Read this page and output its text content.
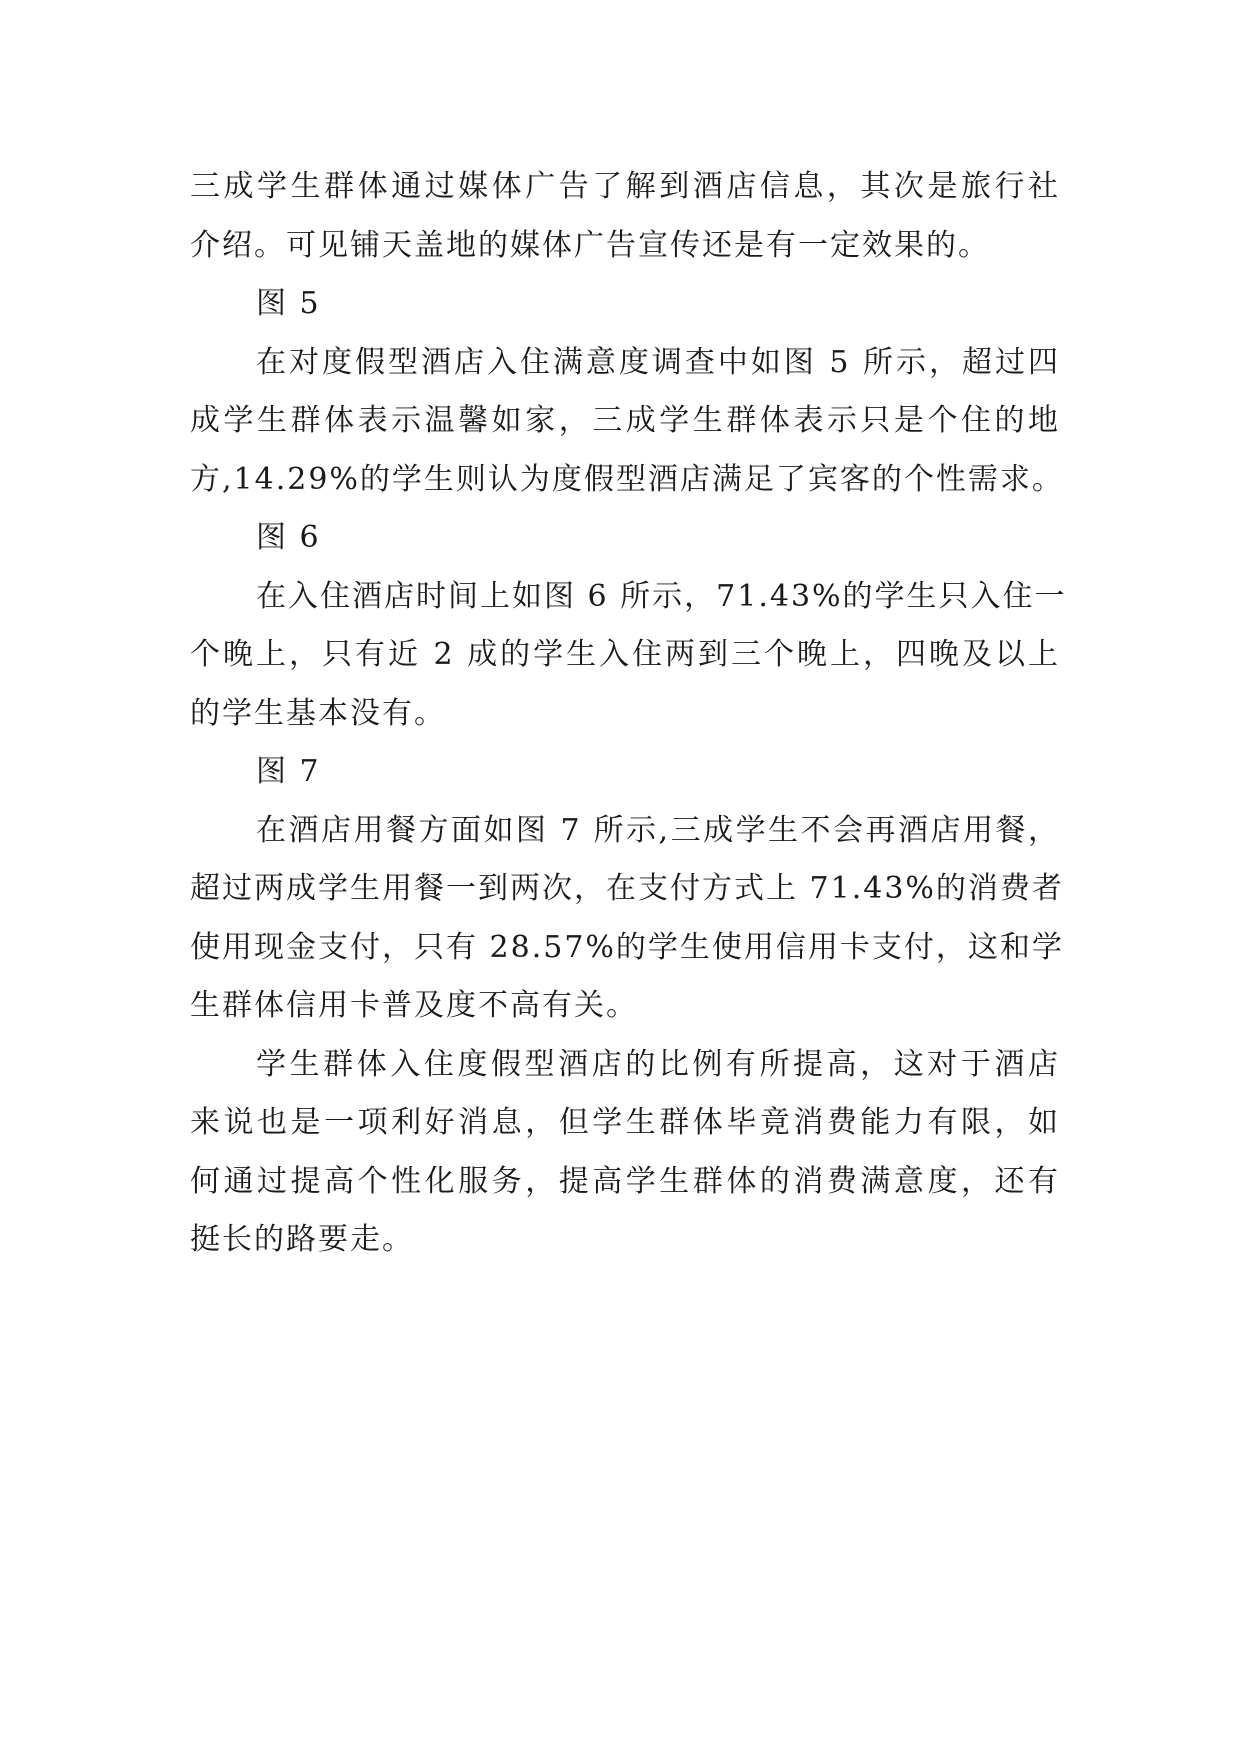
三成学生群体通过媒体广告了解到酒店信息，其次是旅行社
介绍。可见铺天盖地的媒体广告宣传还是有一定效果的。
图 5
在对度假型酒店入住满意度调查中如图 5 所示，超过四
成学生群体表示温馨如家，三成学生群体表示只是个住的地
方,14.29%的学生则认为度假型酒店满足了宾客的个性需求。
图 6
在入住酒店时间上如图 6 所示，71.43%的学生只入住一
个晚上，只有近 2 成的学生入住两到三个晚上，四晚及以上
的学生基本没有。
图 7
在酒店用餐方面如图 7 所示,三成学生不会再酒店用餐，
超过两成学生用餐一到两次，在支付方式上 71.43%的消费者
使用现金支付，只有 28.57%的学生使用信用卡支付，这和学
生群体信用卡普及度不高有关。
学生群体入住度假型酒店的比例有所提高，这对于酒店
来说也是一项利好消息，但学生群体毕竟消费能力有限，如
何通过提高个性化服务，提高学生群体的消费满意度，还有
挺长的路要走。
